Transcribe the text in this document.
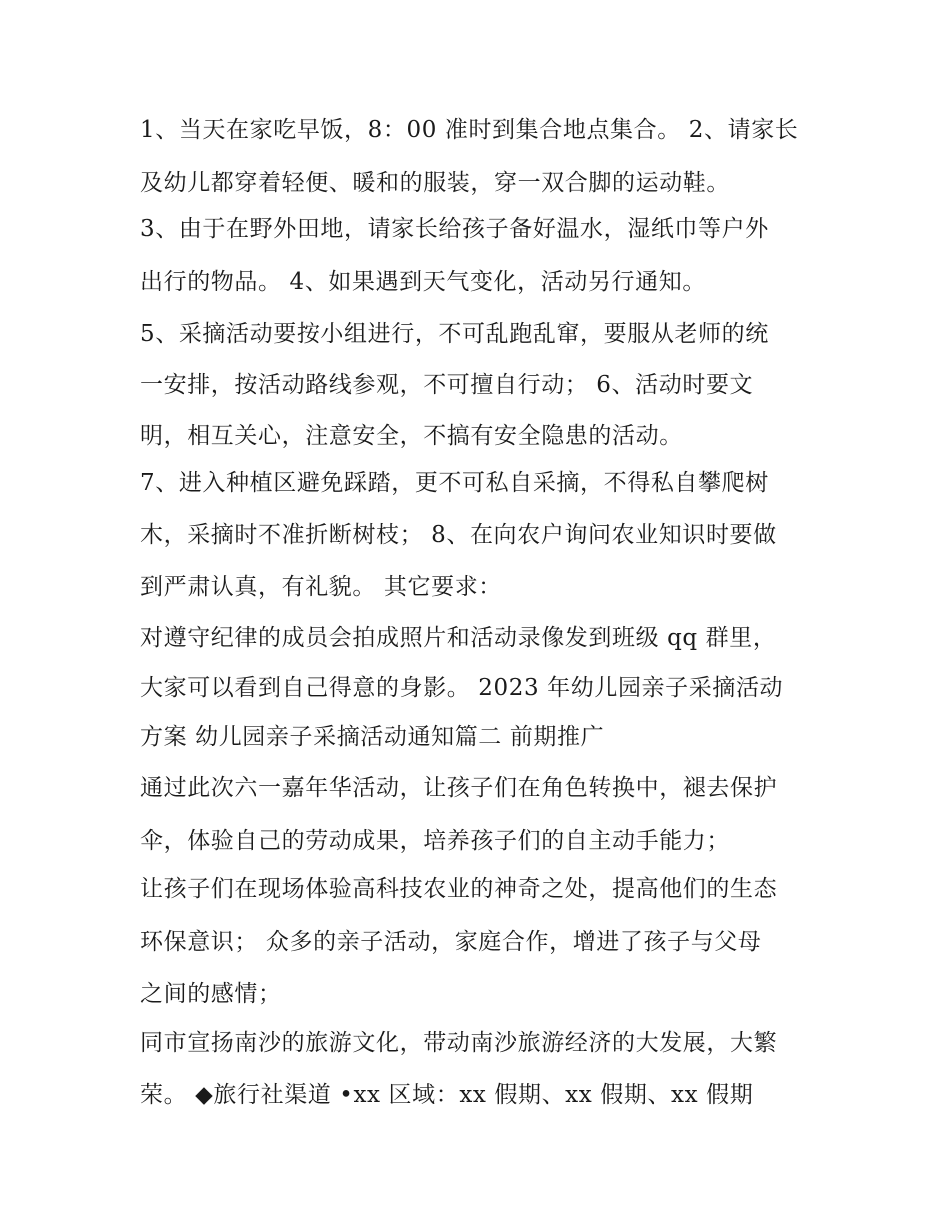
1、当天在家吃早饭，8：00 准时到集合地点集合。 2、请家长
及幼儿都穿着轻便、暖和的服装，穿一双合脚的运动鞋。
3、由于在野外田地，请家长给孩子备好温水，湿纸巾等户外
出行的物品。 4、如果遇到天气变化，活动另行通知。
5、采摘活动要按小组进行，不可乱跑乱窜，要服从老师的统
一安排，按活动路线参观，不可擅自行动； 6、活动时要文
明，相互关心，注意安全，不搞有安全隐患的活动。
7、进入种植区避免踩踏，更不可私自采摘，不得私自攀爬树
木，采摘时不准折断树枝； 8、在向农户询问农业知识时要做
到严肃认真，有礼貌。 其它要求：
对遵守纪律的成员会拍成照片和活动录像发到班级 qq 群里，
大家可以看到自己得意的身影。 2023 年幼儿园亲子采摘活动
方案 幼儿园亲子采摘活动通知篇二 前期推广
通过此次六一嘉年华活动，让孩子们在角色转换中，褪去保护
伞，体验自己的劳动成果，培养孩子们的自主动手能力；
让孩子们在现场体验高科技农业的神奇之处，提高他们的生态
环保意识； 众多的亲子活动，家庭合作，增进了孩子与父母
之间的感情；
同市宣扬南沙的旅游文化，带动南沙旅游经济的大发展，大繁
荣。 ◆旅行社渠道 •xx 区域：xx 假期、xx 假期、xx 假期
